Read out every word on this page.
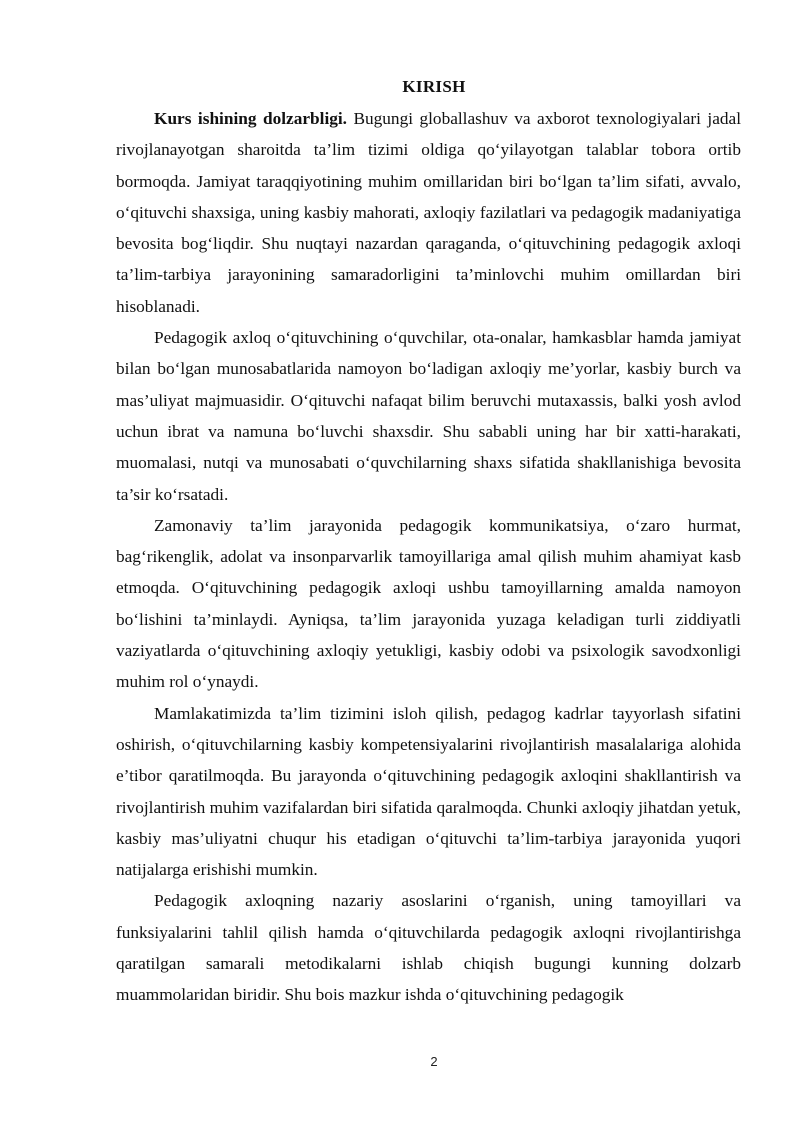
KIRISH

Kurs ishining dolzarbligi. Bugungi globallashuv va axborot texnologiyalari jadal rivojlanayotgan sharoitda ta’lim tizimi oldiga qo‘yilayotgan talablar tobora ortib bormoqda. Jamiyat taraqqiyotining muhim omillaridan biri bo‘lgan ta’lim sifati, avvalo, o‘qituvchi shaxsiga, uning kasbiy mahorati, axloqiy fazilatlari va pedagogik madaniyatiga bevosita bog‘liqdir. Shu nuqtayi nazardan qaraganda, o‘qituvchining pedagogik axloqi ta’lim-tarbiya jarayonining samaradorligini ta’minlovchi muhim omillardan biri hisoblanadi.

Pedagogik axloq o‘qituvchining o‘quvchilar, ota-onalar, hamkasblar hamda jamiyat bilan bo‘lgan munosabatlarida namoyon bo‘ladigan axloqiy me’yorlar, kasbiy burch va mas’uliyat majmuasidir. O‘qituvchi nafaqat bilim beruvchi mutaxassis, balki yosh avlod uchun ibrat va namuna bo‘luvchi shaxsdir. Shu sababli uning har bir xatti-harakati, muomalasi, nutqi va munosabati o‘quvchilarning shaxs sifatida shakllanishiga bevosita ta’sir ko‘rsatadi.

Zamonaviy ta’lim jarayonida pedagogik kommunikatsiya, o‘zaro hurmat, bag‘rikenglik, adolat va insonparvarlik tamoyillariga amal qilish muhim ahamiyat kasb etmoqda. O‘qituvchining pedagogik axloqi ushbu tamoyillarning amalda namoyon bo‘lishini ta’minlaydi. Ayniqsa, ta’lim jarayonida yuzaga keladigan turli ziddiyatli vaziyatlarda o‘qituvchining axloqiy yetukligi, kasbiy odobi va psixologik savodxonligi muhim rol o‘ynaydi.

Mamlakatimizda ta’lim tizimini isloh qilish, pedagog kadrlar tayyorlash sifatini oshirish, o‘qituvchilarning kasbiy kompetensiyalarini rivojlantirish masalalariga alohida e’tibor qaratilmoqda. Bu jarayonda o‘qituvchining pedagogik axloqini shakllantirish va rivojlantirish muhim vazifalardan biri sifatida qaralmoqda. Chunki axloqiy jihatdan yetuk, kasbiy mas’uliyatni chuqur his etadigan o‘qituvchi ta’lim-tarbiya jarayonida yuqori natijalarga erishishi mumkin.

Pedagogik axloqning nazariy asoslarini o‘rganish, uning tamoyillari va funksiyalarini tahlil qilish hamda o‘qituvchilarda pedagogik axloqni rivojlantirishga qaratilgan samarali metodikalarni ishlab chiqish bugungi kunning dolzarb muammolaridan biridir. Shu bois mazkur ishda o‘qituvchining pedagogik

2
